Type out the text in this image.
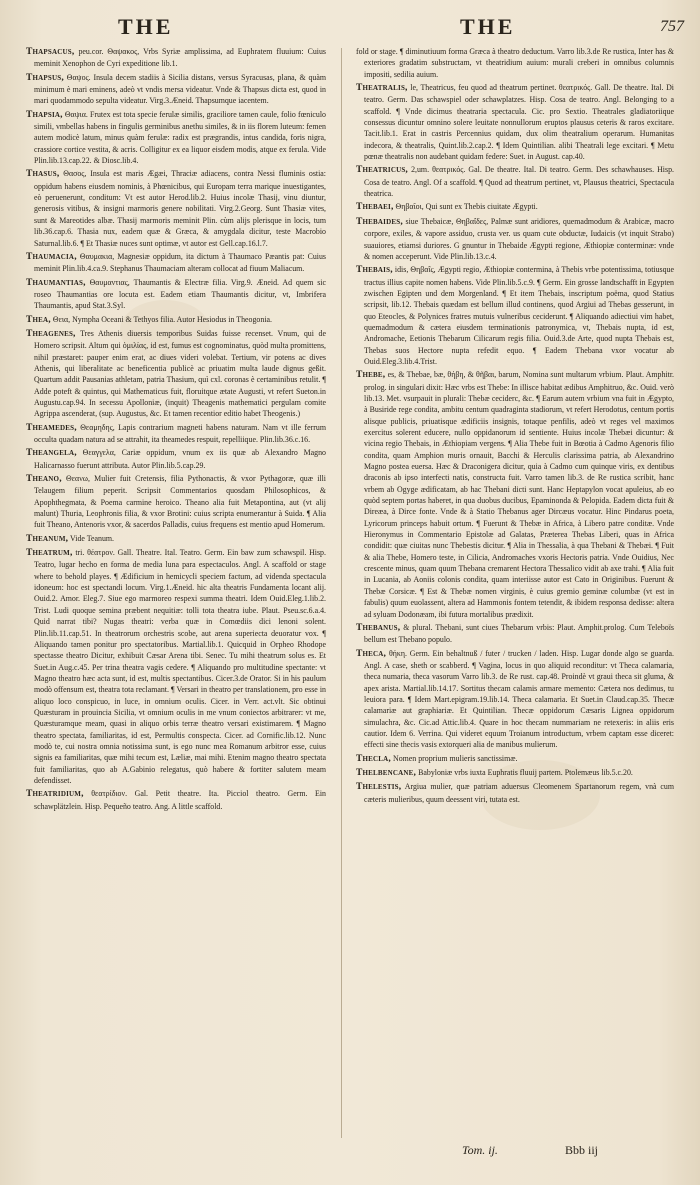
THE	THE	757

Thapsacus, peu.cor. Θαψακος, Vrbs Syriæ amplissima, ad Euphratem fluuium: Cuius meminit Xenophon de Cyri expeditione lib.1.

Thapsus, Θαψος. Insula decem stadiis à Sicilia distans, versus Syracusas, plana, & quàm minimum è mari eminens, adeò vt vndis mersa videatur. Vnde & Thapsus dicta est, quod in mari quodammodo sepulta videatur. Virg.3.Æneid. Thapsumque iacentem.

Thapsia, Θαψια. Frutex est tota specie ferulæ similis, graciliore tamen caule, folio fœniculo simili, vmbellas habens in fingulis germinibus anethu similes, & in iis florem luteum: femen autem modicè latum, minus quàm ferulæ: radix est prægrandis, intus candida, foris nigra, crassiore cortice vestita, & acris. Colligitur ex ea liquor eisdem modis, atque ex ferula. Vide Plin.lib.13.cap.22. & Diosc.lib.4.

Thasus, Θασος, Insula est maris Ægæi, Thraciæ adiacens, contra Nessi fluminis ostia: oppidum habens eiusdem nominis, à Phœnicibus, qui Europam terra marique inuestigantes, eò peruenerunt, conditum: Vt est autor Herod.lib.2. Huius incolæ Thasij, vinu diuntur, generosis vitibus, & insigni marmoris genere nobilitati. Virg.2.Georg. Sunt Thasiæ vites, sunt & Mareotides albæ. Thasij marmoris meminit Plin. cùm alijs plerisque in locis, tum lib.36.cap.6. Thasia nux, eadem quæ & Græca, & amygdala dicitur, teste Macrobio Saturnal.lib.6. ¶ Et Thasiæ nuces sunt optimæ, vt autor est Gell.cap.16.l.7.

Thaumacia, Θαυμακια, Magnesiæ oppidum, ita dictum à Thaumaco Pæantis pat: Cuius meminit Plin.lib.4.ca.9. Stephanus Thaumaciam alteram collocat ad fiuum Maliacum.

Thaumantias, Θαυμαντιας, Thaumantis & Electræ filia. Virg.9. Æneid. Ad quem sic roseo Thaumantias ore locuta est. Eadem etiam Thaumantis dicitur, vt, Imbrifera Thaumantis, apud Stat.3.Syl.

Thea, Θεια, Nympha Oceani & Tethyos filia. Autor Hesiodus in Theogonia.

Theagenes, Tres Athenis diuersis temporibus Suidas fuisse recenset. Vnum, qui de Homero scripsit. Altum qui ὁμιλίας, id est, fumus est cognominatus, quòd multa promittens, nihil præstaret: pauper enim erat, ac diues videri volebat. Tertium, vir potens ac dives Athenis, qui liberalitate ac beneficentia publicè ac priuatim multa laude dignus geßit. Quartum addit Pausanias athletam, patria Thasium, quì cxl. coronas è certaminibus retulit. ¶ Adde poteft & quintus, qui Mathematicus fuit, floruitque ætate Augusti, vt refert Sueton.in Augustu.cap.94. In secessu Apolloniæ, (inquit) Theagenis mathematici pergulam comite Agrippa ascenderat, (sup. Augustus, &c. Et tamen recentior editio habet Theogenis.)

Theamedes, Θεαμηδης, Lapis contrarium magneti habens naturam. Nam vt ille ferrum occulta quadam natura ad se attrahit, ita theamedes respuit, repelliique. Plin.lib.36.c.16.

Theangela, Θεαγγελα, Cariæ oppidum, vnum ex iis quæ ab Alexandro Magno Halicarnasso fuerunt attributa. Autor Plin.lib.5.cap.29.

Theano, Θεανω, Mulier fuit Cretensis, filia Pythonactis, & vxor Pythagoræ, quæ illi Telaugem filium peperit. Scripsit Commentarios quosdam Philosophicos, & Apophthegmata, & Poema carmine heroico. Theano alia fuit Metapontina, aut (vt alij malunt) Thuria, Leophronis filia, & vxor Brotini: cuius scripta enumerantur à Suida. ¶ Alia fuit Theano, Antenoris vxor, & sacerdos Palladis, cuius frequens est mentio apud Homerum.

Theanum, Vide Teanum.

Theatrum, tri. θέατρον. Gall. Theatre. Ital. Teatro. Germ. Ein baw zum schawspil. Hisp. Teatro, lugar hecho en forma de media luna para espectaculos. Angl. A scaffold or stage where to behold playes. ¶ Ædificium in hemicycli speciem factum, ad videnda spectacula idoneum: hoc est spectandi locum. Virg.1.Æneid. hic alta theatris Fundamenta locant alij. Ouid.2. Amor. Eleg.7. Siue ego marmoreo respexi summa theatri. Idem Ouid.Eleg.1.lib.2. Trist. Ludi quoque semina præbent nequitiæ: tolli tota theatra iube. Plaut. Pseu.sc.6.a.4. Quid narrat tibi? Nugas theatri: verba quæ in Comœdiis dici lenoni solent. Plin.lib.11.cap.51. In theatrorum orchestris scobe, aut arena superiecta deuoratur vox. ¶ Aliquando tamen ponitur pro spectatoribus. Martial.lib.1. Quicquid in Orpheo Rhodope spectasse theatro Dicitur, exhibuit Cæsar Arena tibi. Senec. Tu mihi theatrum solus es. Et Suet.in Aug.c.45. Per trina theatra vagis cedere. ¶ Aliquando pro multitudine spectante: vt Magno theatro hæc acta sunt, id est, multis spectantibus. Cicer.3.de Orator. Si in his paulum modò offensum est, theatra tota reclamant. ¶ Versari in theatro per translationem, pro esse in aliquo loco conspicuo, in luce, in omnium oculis. Cicer. in Verr. act.vlt. Sic obtinui Quæsturam in prouincia Sicilia, vt omnium oculis in me vnum coniectos arbitrarer: vt me, Quæsturamque meam, quasi in aliquo orbis terræ theatro versari existimarem. ¶ Magno theatro spectata, familiaritas, id est, Permultis conspecta. Cicer. ad Cornific.lib.12. Nunc modò te, cui nostra omnia notissima sunt, is ego nunc mea Romanum arbitror esse, cuius signis ea familiaritas, quæ mihi tecum est, Læliæ, mai mihi. Etenim magno theatro spectata fuit familiaritas, quo ab A.Gabinio relegatus, quò habere & fortiter salutem meam defendisset.

Theatridium, θεατρίδιον. Gal. Petit theatre. Ita. Picciol theatro. Germ. Ein schawplätzlein. Hisp. Pequeño teatro. Ang. A little scaffold.

fold or stage. ¶ diminutiuum forma Græca à theatro deductum. Varro lib.3.de Re rustica, Inter has & exteriores gradatim substructam, vt theatridium auium: murali creberi in omnibus columnis impositi, sedilia auium.

Theatralis, le, Theatricus, feu quod ad theatrum pertinet. θεατρικός. Gall. De theatre. Ital. Di teatro. Germ. Das schawspiel oder schawplatzes. Hisp. Cosa de teatro. Angl. Belonging to a scaffold. ¶ Vnde dicimus theatraria spectacula. Cic. pro Sextio. Theatrales gladiatoriique consessus dicuntur omnino solere leuitate nonnullorum eruptos plausus ceteris & raros excitare. Tacit.lib.1. Erat in castris Percennius quidam, dux olim theatralium operarum. Humanitas indecora, & theatralis, Quint.lib.2.cap.2. ¶ Idem Quintilian. alibi Theatrali lege excitari. ¶ Metu pœnæ theatralis non audebant quidam federe: Suet. in August. cap.40.

Theatricus, 2,um. θεατρικός. Gal. De theatre. Ital. Di teatro. Germ. Des schawhauses. Hisp. Cosa de teatro. Angl. Of a scaffold. ¶ Quod ad theatrum pertinet, vt, Plausus theatrici, Spectacula theatrica.

Thebaei, Θηβαῖοι, Qui sunt ex Thebis ciuitate Ægypti.

Thebaides, siue Thebaicæ, Θηβαΐδες, Palmæ sunt aridiores, quemadmodum & Arabicæ, macro corpore, exiles, & vapore assiduo, crusta ver. us quam cute obductæ, Iudaicis (vt inquit Strabo) suauiores, etiamsi duriores. G gnuntur in Thebaide Ægypti regione, Æthiopiæ conterminæ: vnde & nomen acceperunt. Vide Plin.lib.13.c.4.

Thebais, idis, Θηβαΐς, Ægypti regio, Æthiopiæ contermina, à Thebis vrbe potentissima, totiusque tractus illius capite nomen habens. Vide Plin.lib.5.c.9. ¶ Germ. Ein grosse landtschafft in Egypten zwischen Egipten und dem Morgenland. ¶ Et item Thebais, inscriptum poëma, quod Statius scripsit, lib.12. Thebais quædam est bellum illud continens, quod Argiui ad Thebas gesserunt, in quo Eteocles, & Polynices fratres mutuis vulneribus ceciderunt. ¶ Aliquando adiectiui vim habet, quemadmodum & cætera eiusdem terminationis patronymica, vt, Thebais nupta, id est, Andromache, Eetionis Thebarum Cilicarum regis filia. Ouid.3.de Arte, quod nupta Thebais est, Thebas suos Hectore nupta refedit equo. ¶ Eadem Thebana vxor vocatur ab Ouid.Eleg.3.lib.4.Trist.

Thebe, es, & Thebae, bæ, θήβη, & θῆβαι, barum, Nomina sunt multarum vrbium. Plaut. Amphitr. prolog. in singulari dixit: Hæc vrbs est Thebe: In illisce habitat ædibus Amphitruo, &c. Ouid. verò lib.13. Met. vsurpauit in plurali: Thebæ ceciderc, &c. ¶ Earum autem vrbium vna fuit in Ægypto, à Busiride rege condita, ambitu centum quadraginta stadiorum, vt refert Herodotus, centum portis alisque publicis, priuatisque ædificiis insignis, totaque penfilis, adeò vt reges vel maximos exercitus solerent educere, nullo oppidanorum id sentiente. Huius incolæ Thebæi dicuntur: & vicina regio Thebais, in Æthiopiam vergens. ¶ Alia Thebe fuit in Bœotia à Cadmo Agenoris filio condita, quam Amphion muris ornauit, Bacchi & Herculis clarissima patria, ab Alexandrino Magno postea euersa. Hæc & Draconigera dicitur, quia à Cadmo cum quinque viris, ex dentibus draconis ab ipso interfecti natis, constructa fuit. Varro tamen lib.3. de Re rustica scribit, hanc vrbem ab Ogyge ædificatam, ab hac Thebani dicti sunt. Hanc Heptapylon vocat apuleius, ab eo quòd septem portas haberet, in qua duobus ducibus, Epaminonda & Pelopida. Eadem dicta fuit & Direæa, à Dirce fonte. Vnde & à Statio Thebanus ager Dircæus vocatur. Hinc Pindarus poeta, Lyricorum princeps habuit ortum. ¶ Fuerunt & Thebæ in Africa, à Libero patre conditæ. Vnde Hieronymus in Commentario Epistolæ ad Galatas, Præterea Thebas Liberi, quas in Africa condidit: quæ ciuitas nunc Thebestis dicitur. ¶ Alia in Thessalia, à qua Thebani & Thebæi. ¶ Fuit & alia Thebe, Homero teste, in Cilicia, Andromaches vxoris Hectoris patria. Vnde Ouidius, Nec crescente minus, quam quum Thebana cremarent Hectora Thessalico vidit ab axe trahi. ¶ Alia fuit in Lucania, ab Aoniis colonis condita, quam interiisse autor est Cato in Originibus. Fuerunt & Thebæ Corsicæ. ¶ Est & Thebæ nomen virginis, è cuius gremio geminæ columbæ (vt est in fabulis) quum euolassent, altera ad Hammonis fontem tetendit, & ibidem responsa dedisse: altera ad syluam Dodonæam, ibi futura mortalibus prædixit.

Thebanus, & plural. Thebani, sunt ciues Thebarum vrbis: Plaut. Amphit.prolog. Cum Teleboïs bellum est Thebano populo.

Theca, θήκη. Germ. Ein behaltnuß / futer / trucken / laden. Hisp. Lugar donde algo se guarda. Angl. A case, sheth or scabberd. ¶ Vagina, locus in quo aliquid reconditur: vt Theca calamaria, theca numaria, theca vasorum Varro lib.3. de Re rust. cap.48. Proindè vt graui theca sit gluma, & apex arista. Martial.lib.14.17. Sortitus thecam calamis armare memento: Cætera nos dedimus, tu leuiora para. ¶ Idem Mart.epigram.19.lib.14. Theca calamaria. Et Suet.in Claud.cap.35. Thecæ calamariæ aut graphiariæ. Et Quintilian. Thecæ oppidorum Cæsaris Lignea oppidorum simulachra, &c. Cic.ad Attic.lib.4. Quare in hoc thecam nummariam ne retexeris: in aliis eris cautior. Idem 6. Verrina. Qui videret equum Troianum introductum, vrbem captam esse diceret: effecti sine thecis vasis extorqueri alia de manibus mulierum.

Thecla, Nomen proprium mulieris sanctissimæ.

Thelbencane, Babyloniæ vrbs iuxta Euphratis fluuij partem. Ptolemæus lib.5.c.20.

Thelestis, Argiua mulier, quæ patriam aduersus Cleomenem Spartanorum regem, vnà cum cæteris mulieribus, quum deessent viri, tutata est.

Tom. ij.	Bbb iij
